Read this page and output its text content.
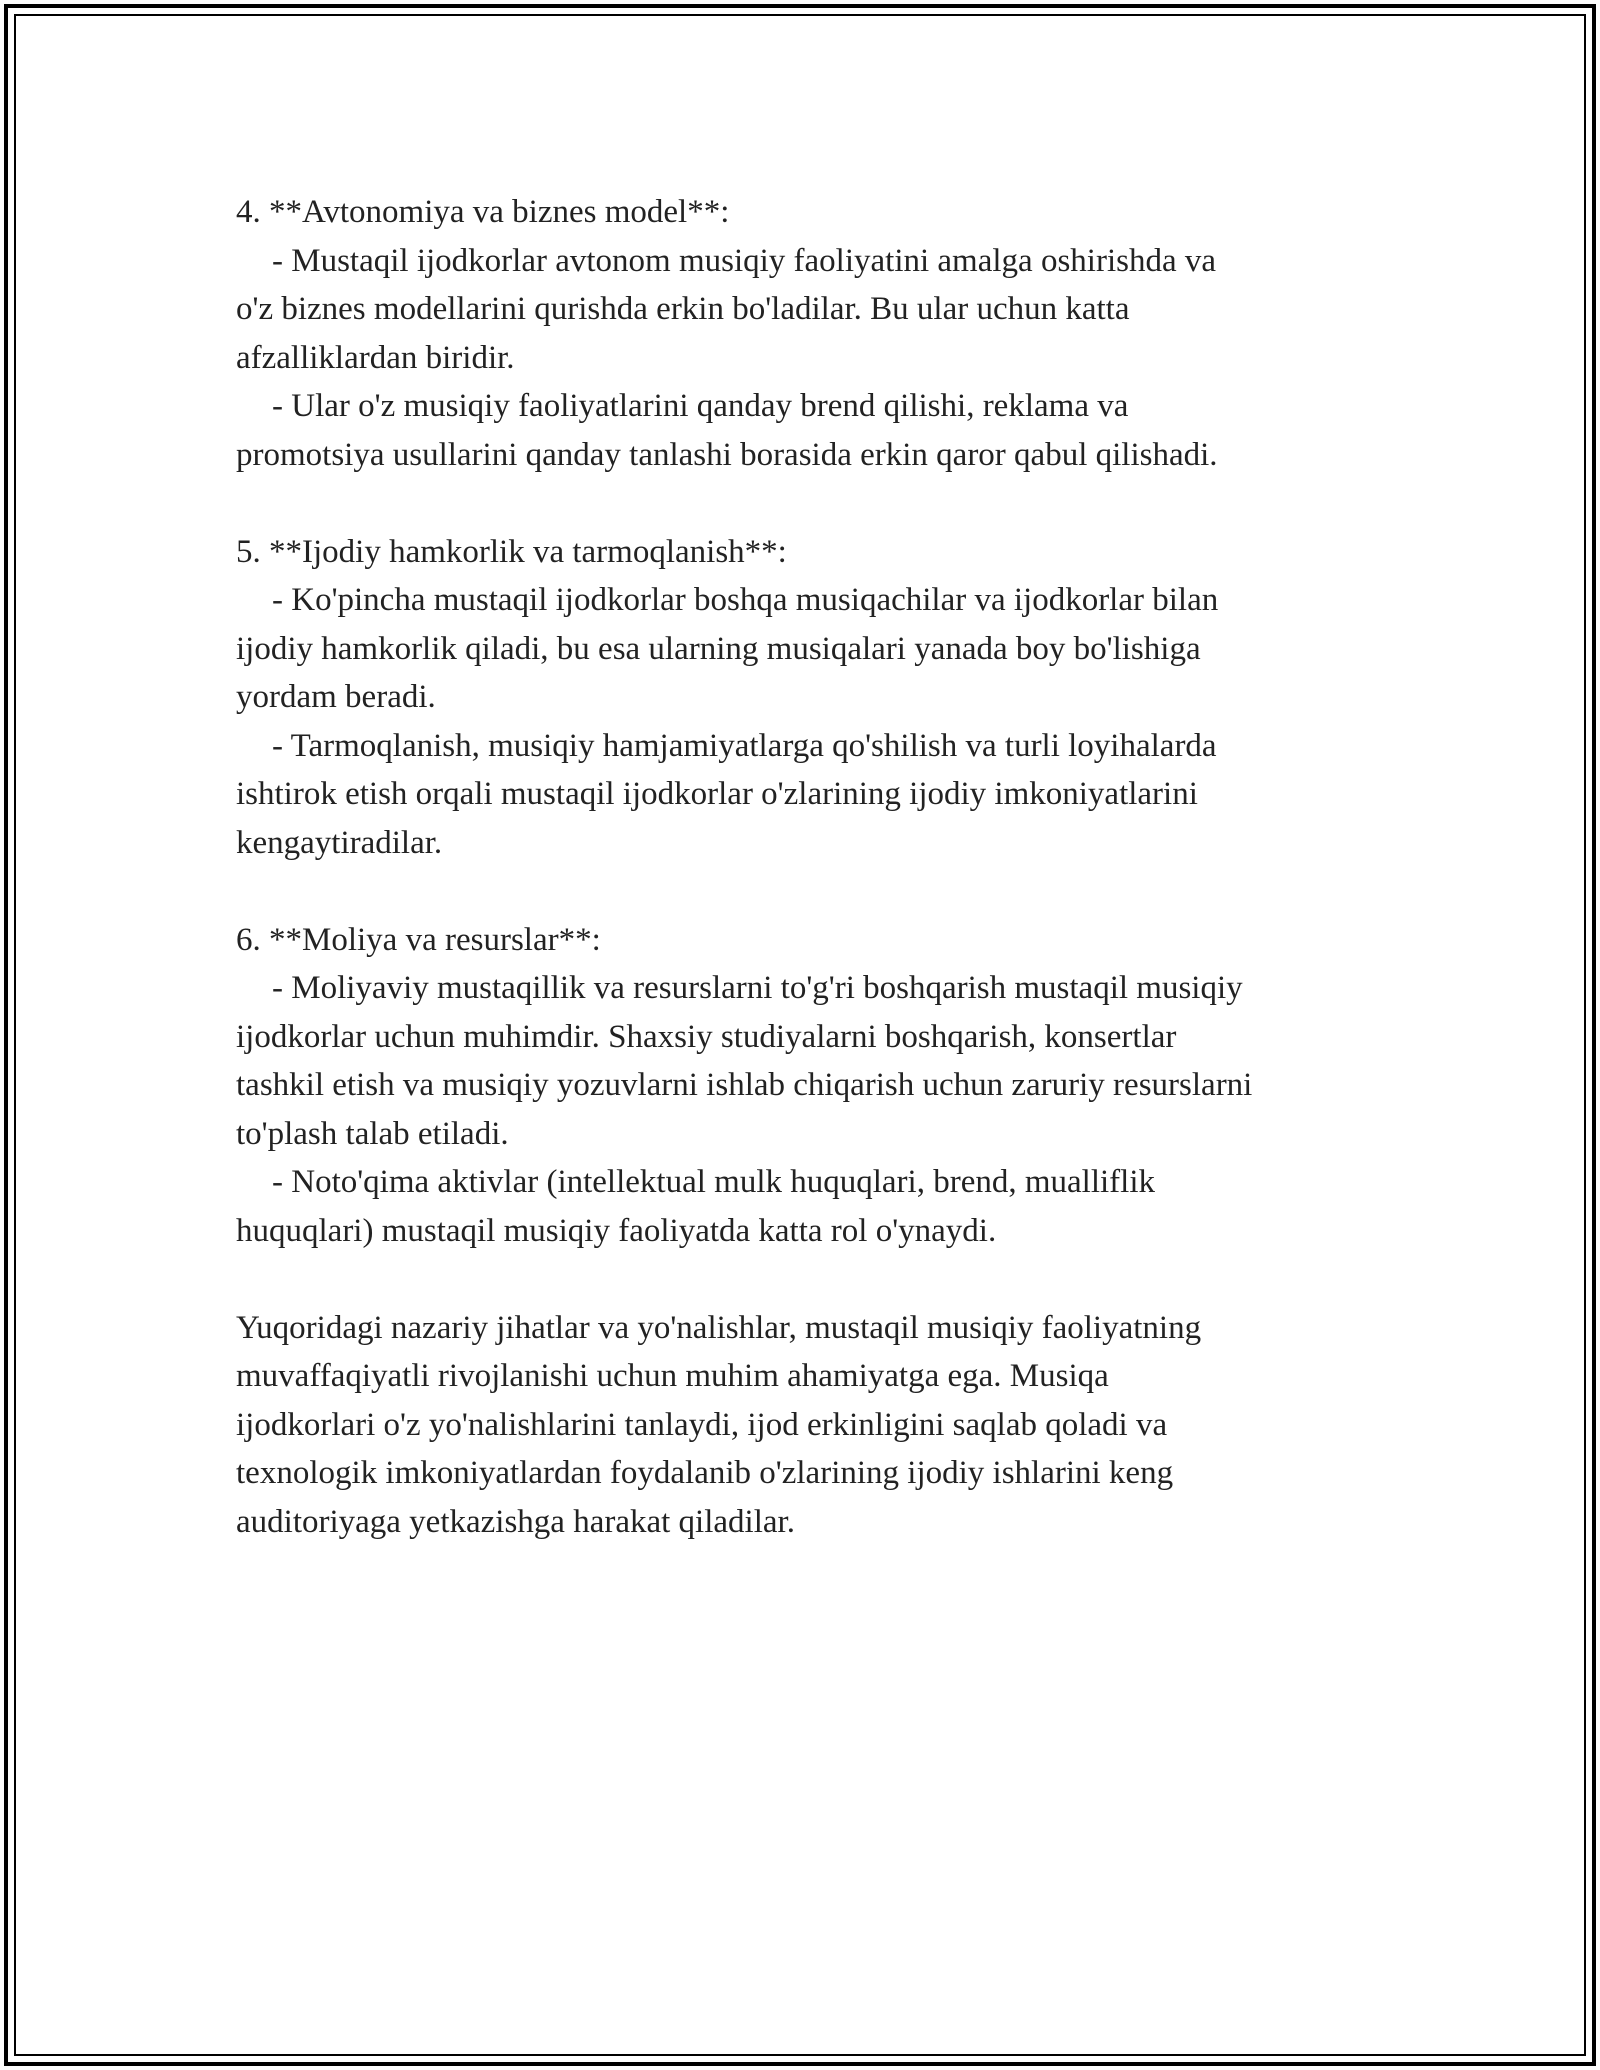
4. **Avtonomiya va biznes model**:
- Mustaqil ijodkorlar avtonom musiqiy faoliyatini amalga oshirishda va
o'z biznes modellarini qurishda erkin bo'ladilar. Bu ular uchun katta
afzalliklardan biridir.
- Ular o'z musiqiy faoliyatlarini qanday brend qilishi, reklama va
promotsiya usullarini qanday tanlashi borasida erkin qaror qabul qilishadi.
5. **Ijodiy hamkorlik va tarmoqlanish**:
- Ko'pincha mustaqil ijodkorlar boshqa musiqachilar va ijodkorlar bilan
ijodiy hamkorlik qiladi, bu esa ularning musiqalari yanada boy bo'lishiga
yordam beradi.
- Tarmoqlanish, musiqiy hamjamiyatlarga qo'shilish va turli loyihalarda
ishtirok etish orqali mustaqil ijodkorlar o'zlarining ijodiy imkoniyatlarini
kengaytiradilar.
6. **Moliya va resurslar**:
- Moliyaviy mustaqillik va resurslarni to'g'ri boshqarish mustaqil musiqiy
ijodkorlar uchun muhimdir. Shaxsiy studiyalarni boshqarish, konsertlar
tashkil etish va musiqiy yozuvlarni ishlab chiqarish uchun zaruriy resurslarni
to'plash talab etiladi.
- Noto'qima aktivlar (intellektual mulk huquqlari, brend, mualliflik
huquqlari) mustaqil musiqiy faoliyatda katta rol o'ynaydi.
Yuqoridagi nazariy jihatlar va yo'nalishlar, mustaqil musiqiy faoliyatning
muvaffaqiyatli rivojlanishi uchun muhim ahamiyatga ega. Musiqa
ijodkorlari o'z yo'nalishlarini tanlaydi, ijod erkinligini saqlab qoladi va
texnologik imkoniyatlardan foydalanib o'zlarining ijodiy ishlarini keng
auditoriyaga yetkazishga harakat qiladilar.
